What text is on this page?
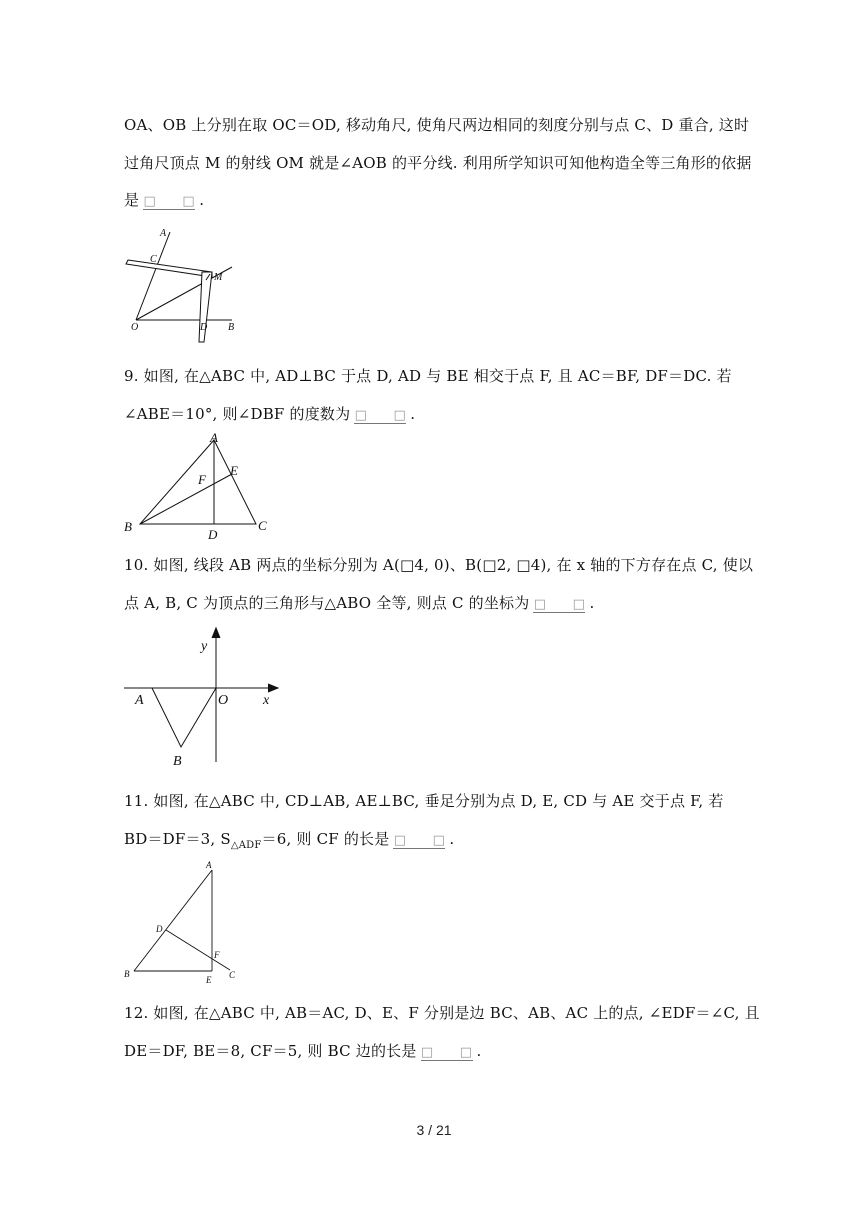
OA、OB 上分别在取 OC＝OD, 移动角尺, 使角尺两边相同的刻度分别与点 C、D 重合, 这时
过角尺顶点 M 的射线 OM 就是∠AOB 的平分线. 利用所学知识可知他构造全等三角形的依据
是 □　　□ .
A
C
M
O	D B
9. 如图, 在△ABC 中, AD⊥BC 于点 D, AD 与 BE 相交于点 F, 且 AC＝BF, DF＝DC. 若
∠ABE＝10°, 则∠DBF 的度数为 □　　□ .
A
E
F
B
D
C
10. 如图, 线段 AB 两点的坐标分别为 A(□4, 0)、B(□2, □4), 在 x 轴的下方存在点 C, 使以
点 A, B, C 为顶点的三角形与△ABO 全等, 则点 C 的坐标为 □　　□ .
y
x
A	O
B
11. 如图, 在△ABC 中, CD⊥AB, AE⊥BC, 垂足分别为点 D, E, CD 与 AE 交于点 F, 若
BD＝DF＝3, $S_{\triangle ADF}=6$, 则 CF 的长是 □　　□ .
A
D
F
B
E C
12. 如图, 在△ABC 中, AB＝AC, D、E、F 分别是边 BC、AB、AC 上的点, ∠EDF＝∠C, 且
DE＝DF, BE＝8, CF＝5, 则 BC 边的长是 □　　□ .
3 / 21
